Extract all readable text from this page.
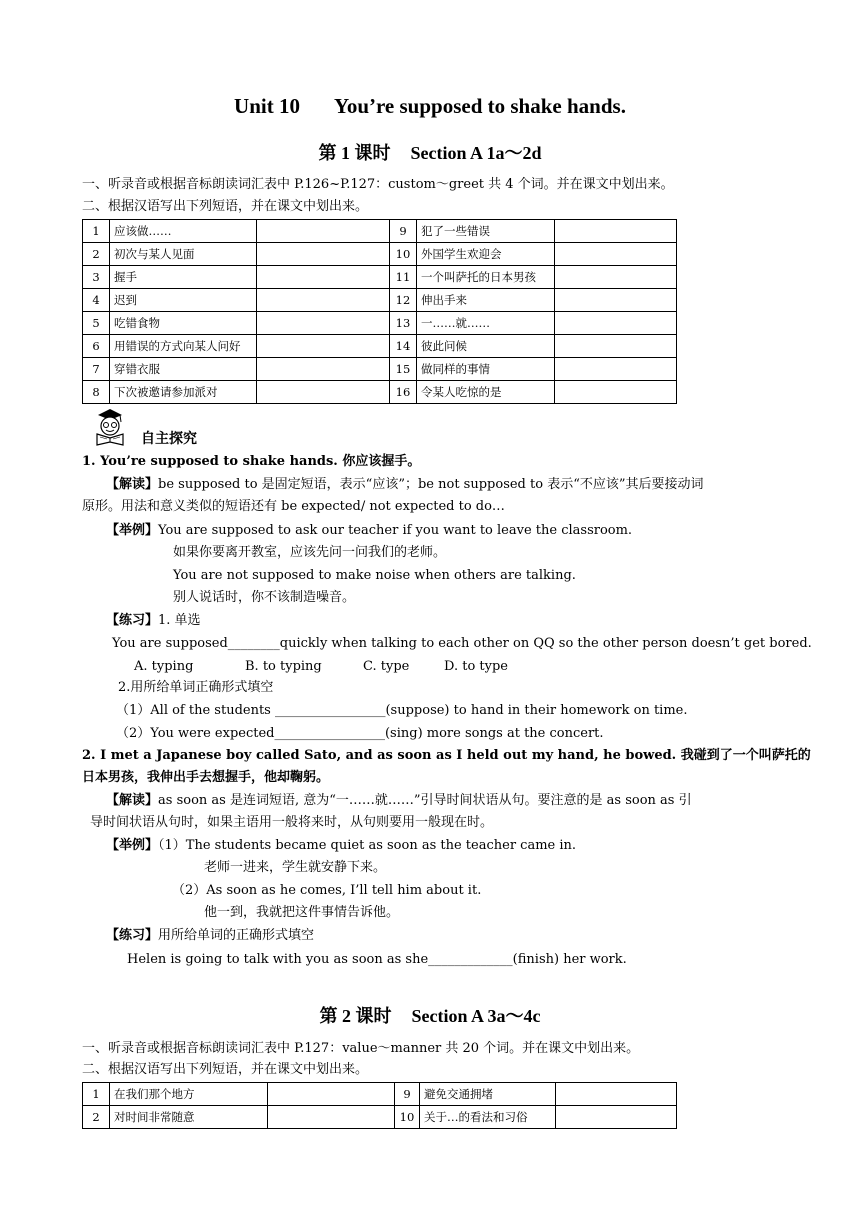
Unit 10 You’re supposed to shake hands.
第 1 课时 Section A 1a～2d
一、听录音或根据音标朗读词汇表中 P.126~P.127：custom～greet 共 4 个词。并在课文中划出来。
二、根据汉语写出下列短语，并在课文中划出来。
1	应该做……		9	犯了一些错误	
2	初次与某人见面		10	外国学生欢迎会	
3	握手		11	一个叫萨托的日本男孩	
4	迟到		12	伸出手来	
5	吃错食物		13	一……就……	
6	用错误的方式向某人问好		14	彼此问候	
7	穿错衣服		15	做同样的事情	
8	下次被邀请参加派对		16	令某人吃惊的是	
自主探究
1. You’re supposed to shake hands. 你应该握手。
【解读】be supposed to 是固定短语，表示“应该”；be not supposed to 表示“不应该”其后要接动词
原形。用法和意义类似的短语还有 be expected/ not expected to do…
【举例】You are supposed to ask our teacher if you want to leave the classroom.
如果你要离开教室，应该先问一问我们的老师。
You are not supposed to make noise when others are talking.
别人说话时，你不该制造噪音。
【练习】1. 单选
You are supposed________quickly when talking to each other on QQ so the other person doesn’t get bored.
A. typing	B. to typing	C. type	D. to type
2.用所给单词正确形式填空
（1）All of the students _________________(suppose) to hand in their homework on time.
（2）You were expected_________________(sing) more songs at the concert.
2. I met a Japanese boy called Sato, and as soon as I held out my hand, he bowed. 我碰到了一个叫萨托的
日本男孩，我伸出手去想握手，他却鞠躬。
【解读】as soon as 是连词短语, 意为“一……就……”引导时间状语从句。要注意的是 as soon as 引
导时间状语从句时，如果主语用一般将来时，从句则要用一般现在时。
【举例】（1）The students became quiet as soon as the teacher came in.
老师一进来，学生就安静下来。
（2）As soon as he comes, I’ll tell him about it.
他一到，我就把这件事情告诉他。
【练习】用所给单词的正确形式填空
Helen is going to talk with you as soon as she_____________(finish) her work.
第 2 课时 Section A 3a～4c
一、听录音或根据音标朗读词汇表中 P.127：value～manner 共 20 个词。并在课文中划出来。
二、根据汉语写出下列短语，并在课文中划出来。
1	在我们那个地方		9	避免交通拥堵	
2	对时间非常随意		10	关于…的看法和习俗	
